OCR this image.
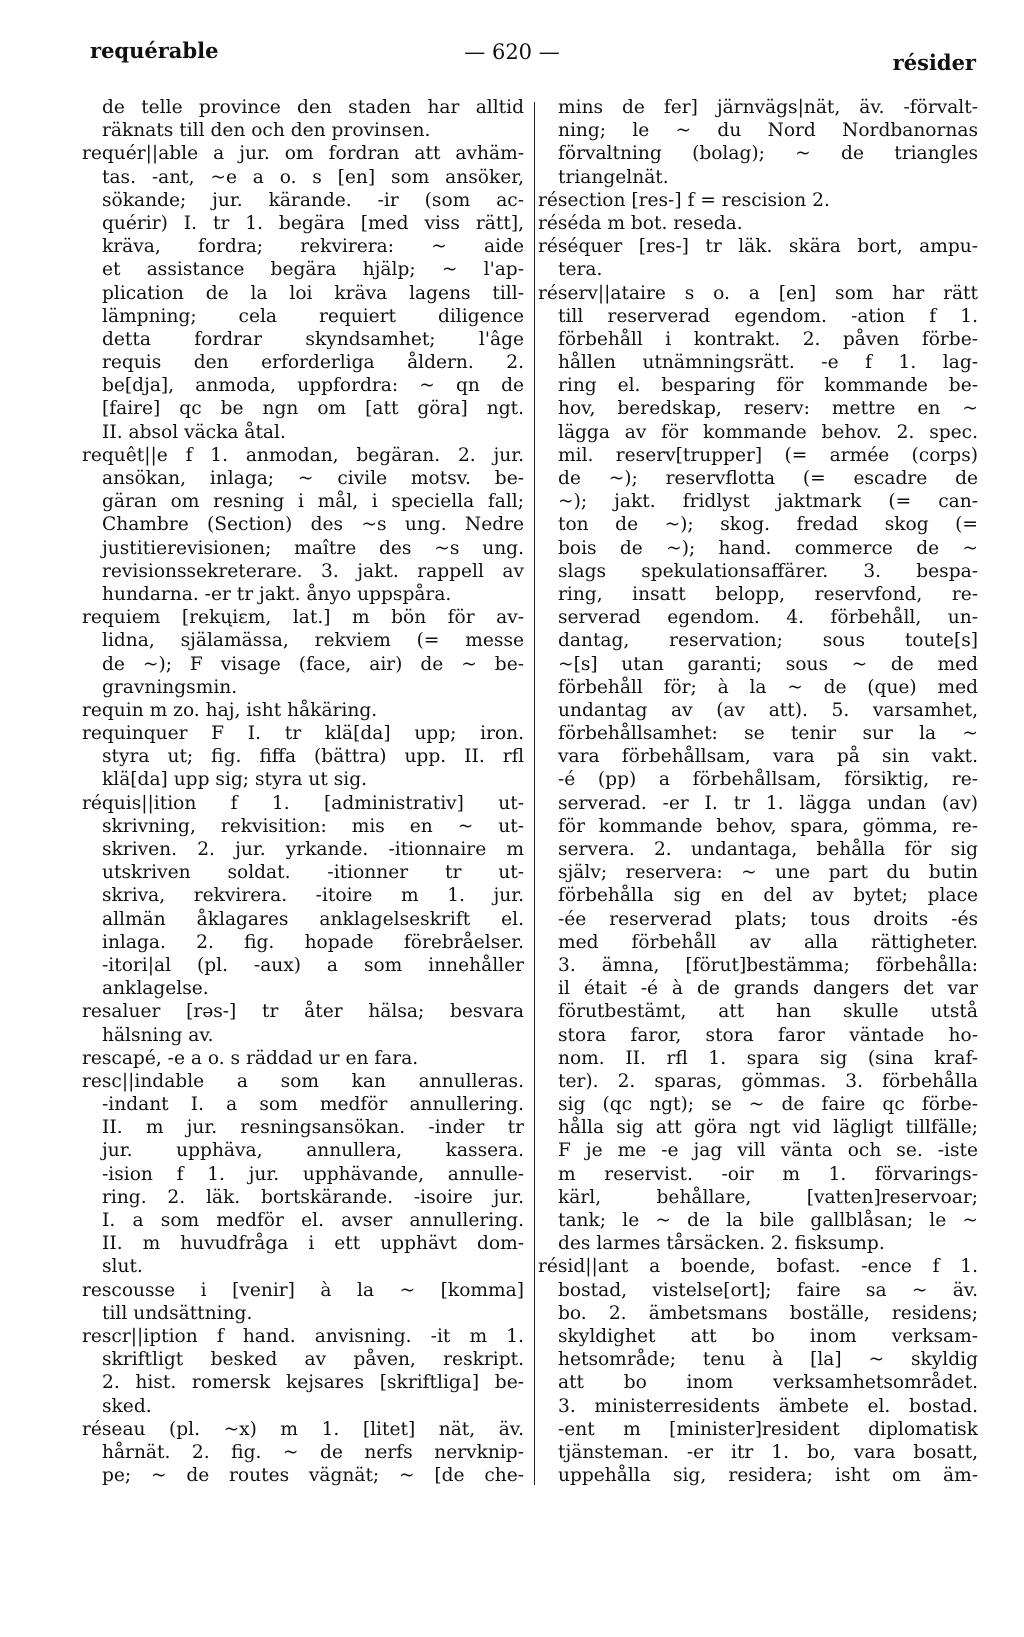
requérable	— 620 —	résider
de telle province den staden har alltid
räknats till den och den provinsen.
requér||able a jur. om fordran att avhäm-
tas. -ant, ~e a o. s [en] som ansöker,
sökande; jur. kärande. -ir (som ac-
quérir) I. tr 1. begära [med viss rätt],
kräva, fordra; rekvirera: ~ aide
et assistance begära hjälp; ~ l'ap-
plication de la loi kräva lagens till-
lämpning; cela requiert diligence
detta fordrar skyndsamhet; l'âge
requis den erforderliga åldern. 2.
be[dja], anmoda, uppfordra: ~ qn de
[faire] qc be ngn om [att göra] ngt.
II. absol väcka åtal.
requêt||e f 1. anmodan, begäran. 2. jur.
ansökan, inlaga; ~ civile motsv. be-
gäran om resning i mål, i speciella fall;
Chambre (Section) des ~s ung. Nedre
justitierevisionen; maître des ~s ung.
revisionssekreterare. 3. jakt. rappell av
hundarna. -er tr jakt. ånyo uppspåra.
requiem [rekųiεm, lat.] m bön för av-
lidna, själamässa, rekviem (= messe
de ~); F visage (face, air) de ~ be-
gravningsmin.
requin m zo. haj, isht håkäring.
requinquer F I. tr klä[da] upp; iron.
styra ut; fig. fiffa (bättra) upp. II. rfl
klä[da] upp sig; styra ut sig.
réquis||ition f 1. [administrativ] ut-
skrivning, rekvisition: mis en ~ ut-
skriven. 2. jur. yrkande. -itionnaire m
utskriven soldat. -itionner tr ut-
skriva, rekvirera. -itoire m 1. jur.
allmän åklagares anklagelseskrift el.
inlaga. 2. fig. hopade förebråelser.
-itori|al (pl. -aux) a som innehåller
anklagelse.
resaluer [rəs-] tr åter hälsa; besvara
hälsning av.
rescapé, -e a o. s räddad ur en fara.
resc||indable a som kan annulleras.
-indant I. a som medför annullering.
II. m jur. resningsansökan. -inder tr
jur. upphäva, annullera, kassera.
-ision f 1. jur. upphävande, annulle-
ring. 2. läk. bortskärande. -isoire jur.
I. a som medför el. avser annullering.
II. m huvudfråga i ett upphävt dom-
slut.
rescousse i [venir] à la ~ [komma]
till undsättning.
rescr||iption f hand. anvisning. -it m 1.
skriftligt besked av påven, reskript.
2. hist. romersk kejsares [skriftliga] be-
sked.
réseau (pl. ~x) m 1. [litet] nät, äv.
hårnät. 2. fig. ~ de nerfs nervknip-
pe; ~ de routes vägnät; ~ [de che-
mins de fer] järnvägs|nät, äv. -förvalt-
ning; le ~ du Nord Nordbanornas
förvaltning (bolag); ~ de triangles
triangelnät.
résection [res-] f = rescision 2.
réséda m bot. reseda.
réséquer [res-] tr läk. skära bort, ampu-
tera.
réserv||ataire s o. a [en] som har rätt
till reserverad egendom. -ation f 1.
förbehåll i kontrakt. 2. påven förbe-
hållen utnämningsrätt. -e f 1. lag-
ring el. besparing för kommande be-
hov, beredskap, reserv: mettre en ~
lägga av för kommande behov. 2. spec.
mil. reserv[trupper] (= armée (corps)
de ~); reservflotta (= escadre de
~); jakt. fridlyst jaktmark (= can-
ton de ~); skog. fredad skog (=
bois de ~); hand. commerce de ~
slags spekulationsaffärer. 3. bespa-
ring, insatt belopp, reservfond, re-
serverad egendom. 4. förbehåll, un-
dantag, reservation; sous toute[s]
~[s] utan garanti; sous ~ de med
förbehåll för; à la ~ de (que) med
undantag av (av att). 5. varsamhet,
förbehållsamhet: se tenir sur la ~
vara förbehållsam, vara på sin vakt.
-é (pp) a förbehållsam, försiktig, re-
serverad. -er I. tr 1. lägga undan (av)
för kommande behov, spara, gömma, re-
servera. 2. undantaga, behålla för sig
själv; reservera: ~ une part du butin
förbehålla sig en del av bytet; place
-ée reserverad plats; tous droits -és
med förbehåll av alla rättigheter.
3. ämna, [förut]bestämma; förbehålla:
il était -é à de grands dangers det var
förutbestämt, att han skulle utstå
stora faror, stora faror väntade ho-
nom. II. rfl 1. spara sig (sina kraf-
ter). 2. sparas, gömmas. 3. förbehålla
sig (qc ngt); se ~ de faire qc förbe-
hålla sig att göra ngt vid lägligt tillfälle;
F je me -e jag vill vänta och se. -iste
m reservist. -oir m 1. förvarings-
kärl, behållare, [vatten]reservoar;
tank; le ~ de la bile gallblåsan; le ~
des larmes tårsäcken. 2. fisksump.
résid||ant a boende, bofast. -ence f 1.
bostad, vistelse[ort]; faire sa ~ äv.
bo. 2. ämbetsmans boställe, residens;
skyldighet att bo inom verksam-
hetsområde; tenu à [la] ~ skyldig
att bo inom verksamhetsområdet.
3. ministerresidents ämbete el. bostad.
-ent m [minister]resident diplomatisk
tjänsteman. -er itr 1. bo, vara bosatt,
uppehålla sig, residera; isht om äm-
